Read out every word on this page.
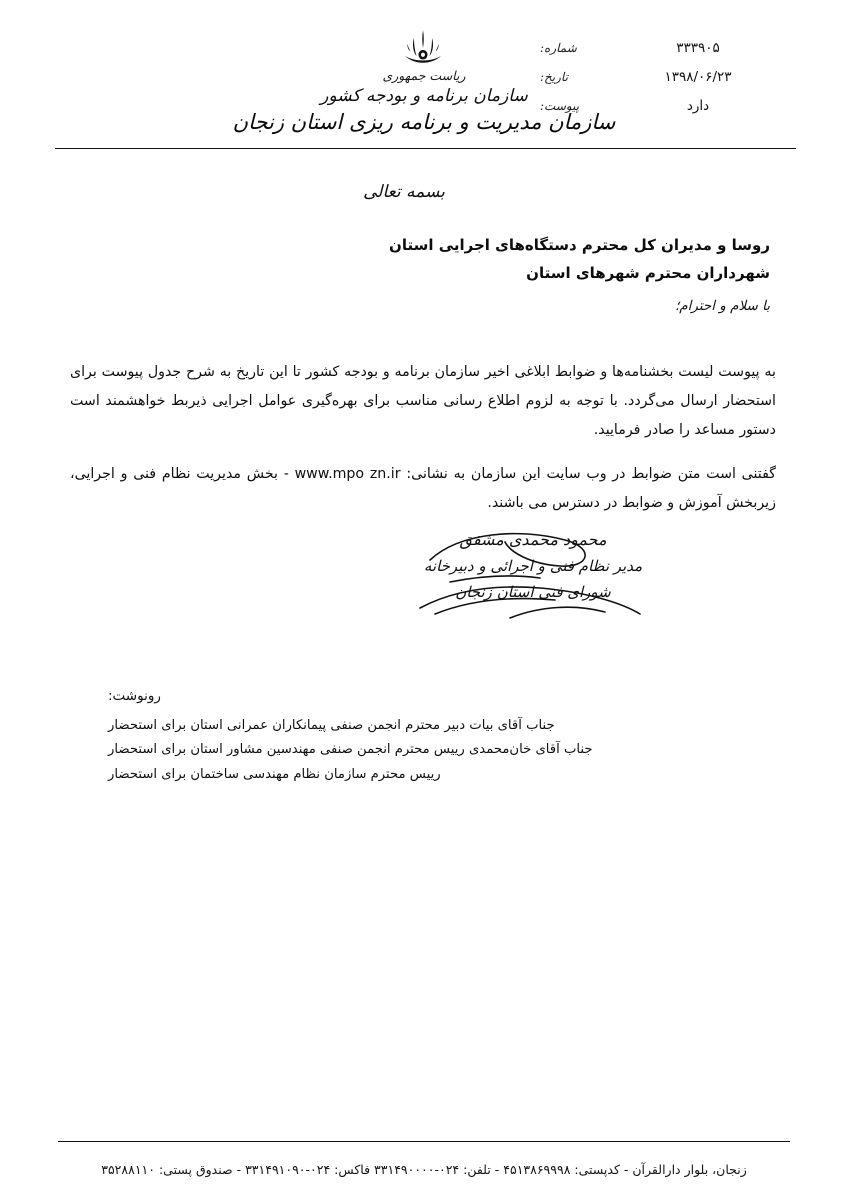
۳۳۳۹۰۵
شماره:
۱۳۹۸/۰۶/۲۳
تاریخ:
دارد
پیوست:
ریاست جمهوری
سازمان برنامه و بودجه کشور
سازمان مدیریت و برنامه ریزی استان زنجان
بسمه تعالی
روسا و مدیران کل محترم دستگاه‌های اجرایی استان
شهرداران محترم شهرهای استان
با سلام و احترام؛

به پیوست لیست بخشنامه‌ها و ضوابط ابلاغی اخیر سازمان برنامه و بودجه کشور تا این تاریخ به شرح جدول پیوست برای استحضار ارسال می‌گردد. با توجه به لزوم اطلاع رسانی مناسب برای بهره‌گیری عوامل اجرایی ذیربط خواهشمند است دستور مساعد را صادر فرمایید.

گفتنی است متن ضوابط در وب سایت این سازمان به نشانی: www.mpo zn.ir - بخش مدیریت نظام فنی و اجرایی، زیربخش آموزش و ضوابط در دسترس می باشند.

محمود محمدی مشفق
مدیر نظام فنی و اجرائی و دبیرخانه
شورای فنی استان زنجان
رونوشت:
جناب آقای بیات دبیر محترم انجمن صنفی پیمانکاران عمرانی استان برای استحضار
جناب آقای خان‌محمدی رییس محترم انجمن صنفی مهندسین مشاور استان برای استحضار
رییس محترم سازمان نظام مهندسی ساختمان برای استحضار
زنجان، بلوار دارالقرآن - کدپستی: ۴۵۱۳۸۶۹۹۹۸ - تلفن: ۰۲۴-۳۳۱۴۹۰۰۰۰ فاکس: ۰۲۴-۳۳۱۴۹۱۰۹۰ - صندوق پستی: ۳۵۲۸۸۱۱۰
